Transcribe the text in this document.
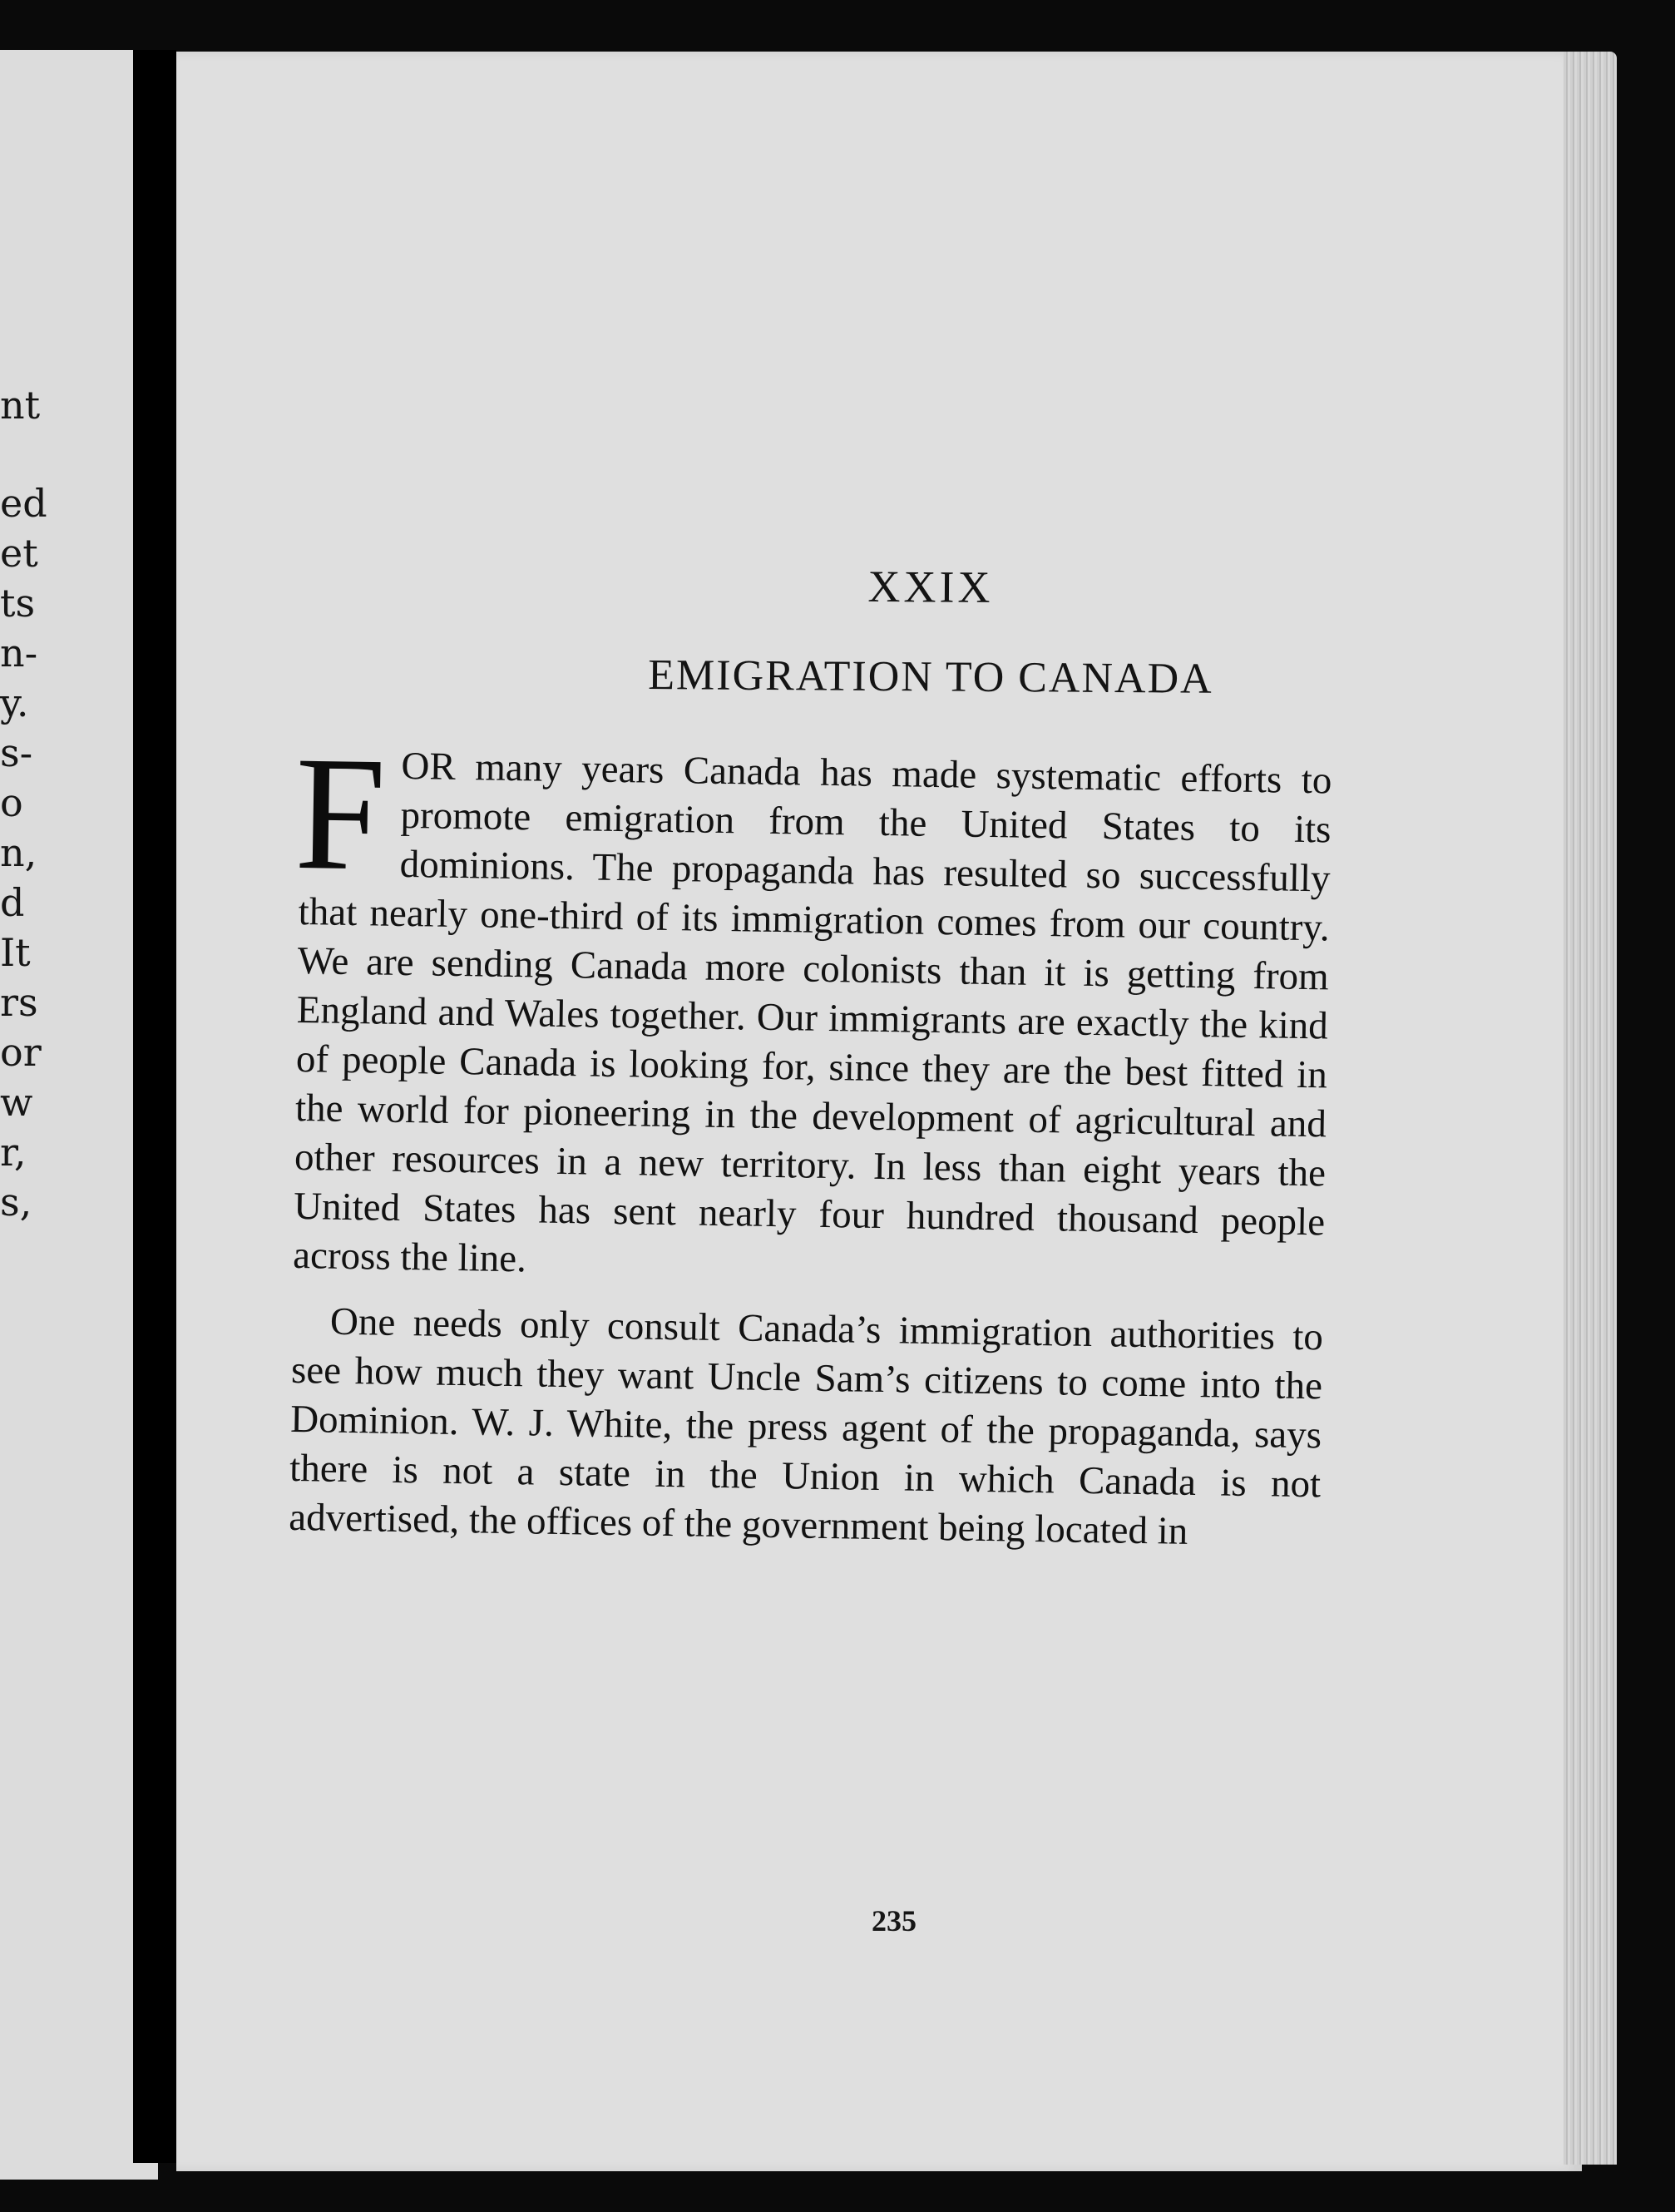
nt
ed
et
ts
n-
y.
s-
o
n,
d
It
rs
or
w
r,
s,
XXIX
EMIGRATION TO CANADA

FOR many years Canada has made systematic efforts to promote emigration from the United States to its dominions. The propaganda has resulted so successfully that nearly one-third of its immigration comes from our country. We are sending Canada more colonists than it is getting from England and Wales together. Our immigrants are exactly the kind of people Canada is looking for, since they are the best fitted in the world for pioneering in the development of agricultural and other resources in a new territory. In less than eight years the United States has sent nearly four hundred thousand people across the line.

One needs only consult Canada’s immigration authorities to see how much they want Uncle Sam’s citizens to come into the Dominion. W. J. White, the press agent of the propaganda, says there is not a state in the Union in which Canada is not advertised, the offices of the government being located in

235
